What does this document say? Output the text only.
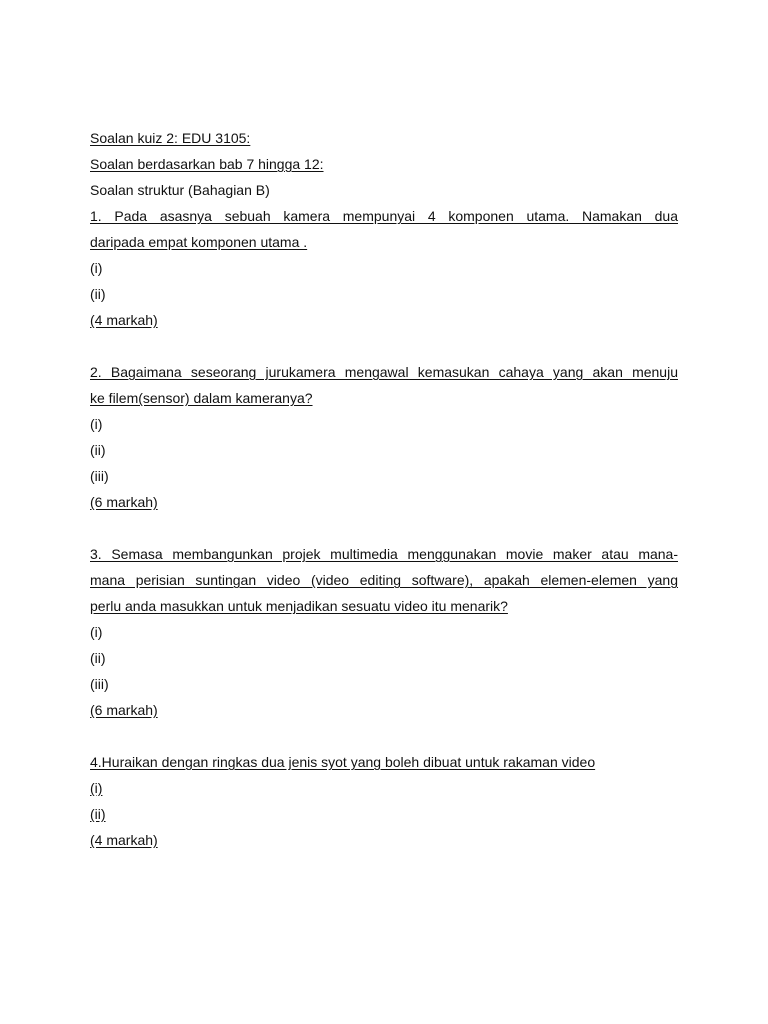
Soalan kuiz 2: EDU 3105:
Soalan berdasarkan bab 7 hingga 12:
Soalan struktur (Bahagian B)
1. Pada asasnya sebuah kamera mempunyai 4 komponen utama. Namakan dua
daripada empat komponen utama .
(i)
(ii)
(4 markah)
2. Bagaimana seseorang jurukamera mengawal kemasukan cahaya yang akan menuju
ke filem(sensor) dalam kameranya?
(i)
(ii)
(iii)
(6 markah)
3. Semasa membangunkan projek multimedia menggunakan movie maker atau mana-
mana perisian suntingan video (video editing software), apakah elemen-elemen yang
perlu anda masukkan untuk menjadikan sesuatu video itu menarik?
(i)
(ii)
(iii)
(6 markah)
4.Huraikan dengan ringkas dua jenis syot yang boleh dibuat untuk rakaman video
(i)
(ii)
(4 markah)
